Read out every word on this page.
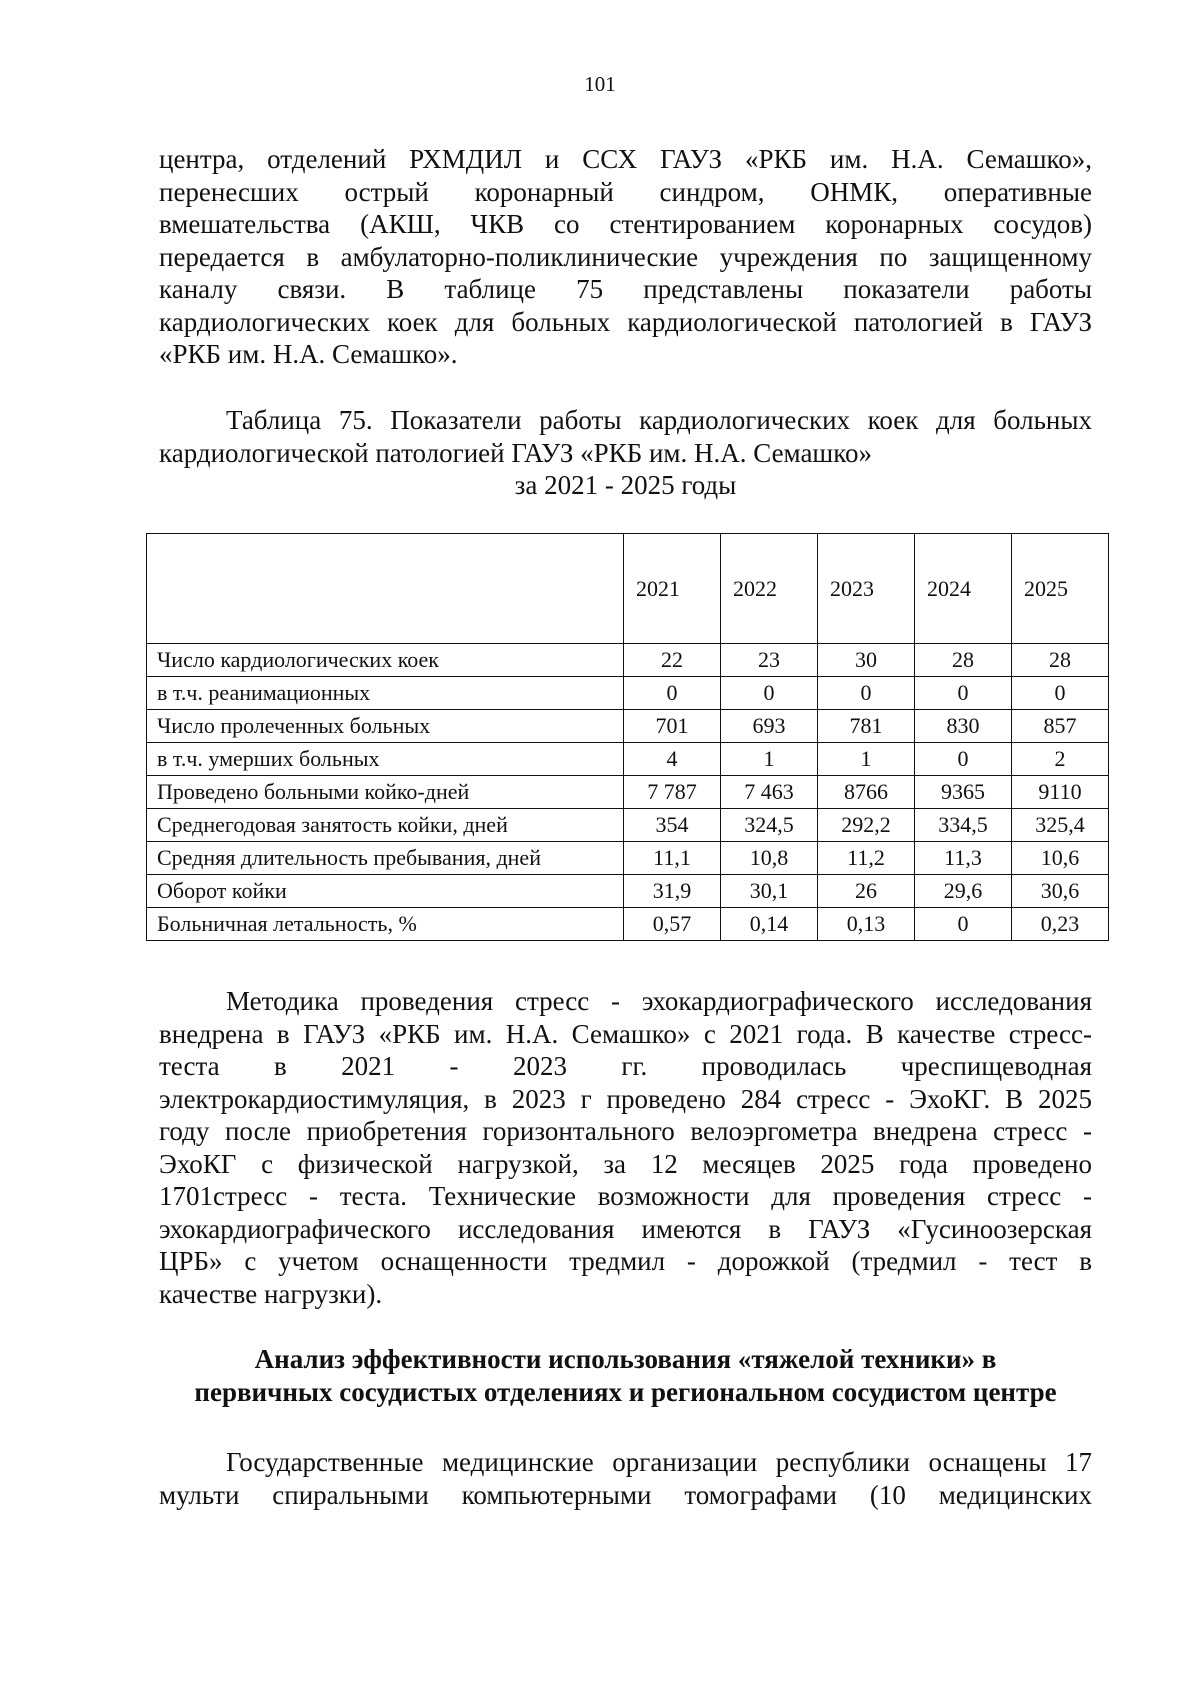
101

центра, отделений РХМДИЛ и ССХ ГАУЗ «РКБ им. Н.А. Семашко»,
перенесших острый коронарный синдром, ОНМК, оперативные
вмешательства (АКШ, ЧКВ со стентированием коронарных сосудов)
передается в амбулаторно-поликлинические учреждения по защищенному
каналу связи. В таблице 75 представлены показатели работы
кардиологических коек для больных кардиологической патологией в ГАУЗ
«РКБ им. Н.А. Семашко».

Таблица 75. Показатели работы кардиологических коек для больных
кардиологической патологией ГАУЗ «РКБ им. Н.А. Семашко»
за 2021 - 2025 годы

	2021	2022	2023	2024	2025
Число кардиологических коек	22	23	30	28	28
в т.ч. реанимационных	0	0	0	0	0
Число пролеченных больных	701	693	781	830	857
в т.ч. умерших больных	4	1	1	0	2
Проведено больными койко-дней	7 787	7 463	8766	9365	9110
Среднегодовая занятость койки, дней	354	324,5	292,2	334,5	325,4
Средняя длительность пребывания, дней	11,1	10,8	11,2	11,3	10,6
Оборот койки	31,9	30,1	26	29,6	30,6
Больничная летальность, %	0,57	0,14	0,13	0	0,23

Методика проведения стресс - эхокардиографического исследования
внедрена в ГАУЗ «РКБ им. Н.А. Семашко» с 2021 года. В качестве стресс-
теста в 2021 - 2023 гг. проводилась чреспищеводная
электрокардиостимуляция, в 2023 г проведено 284 стресс - ЭхоКГ. В 2025
году после приобретения горизонтального велоэргометра внедрена стресс -
ЭхоКГ с физической нагрузкой, за 12 месяцев 2025 года проведено
1701стресс - теста. Технические возможности для проведения стресс -
эхокардиографического исследования имеются в ГАУЗ «Гусиноозерская
ЦРБ» с учетом оснащенности тредмил - дорожкой (тредмил - тест в
качестве нагрузки).

Анализ эффективности использования «тяжелой техники» в
первичных сосудистых отделениях и региональном сосудистом центре

Государственные медицинские организации республики оснащены 17
мульти спиральными компьютерными томографами (10 медицинских
